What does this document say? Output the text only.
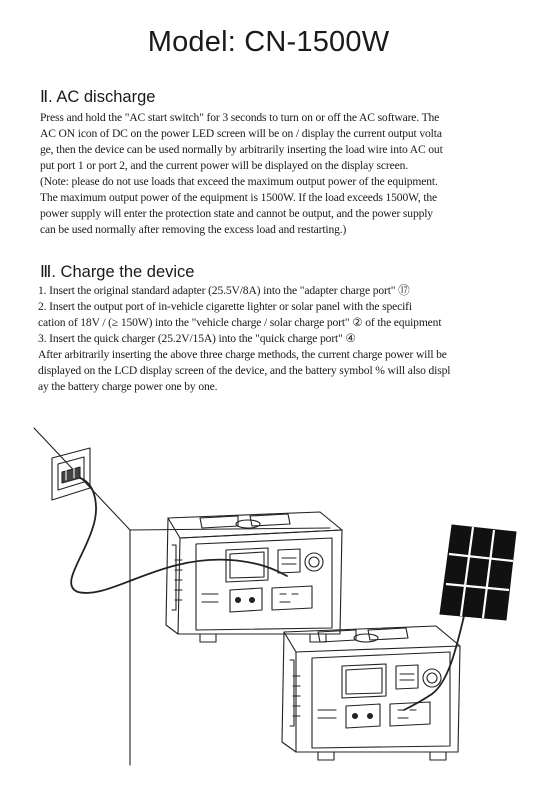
Model: CN-1500W
Ⅱ. AC discharge
Press and hold the "AC start switch" for 3 seconds to turn on or off the AC software. The
AC ON icon of DC on the power LED screen will be on / display the current output volta
ge, then the device can be used normally by arbitrarily inserting the load wire into AC out
put port 1 or port 2, and the current power will be displayed on the display screen.
(Note: please do not use loads that exceed the maximum output power of the equipment.
The maximum output power of the equipment is 1500W. If the load exceeds 1500W, the
power supply will enter the protection state and cannot be output, and the power supply
can be used normally after removing the excess load and restarting.)
Ⅲ. Charge the device
1. Insert the original standard adapter (25.5V/8A) into the "adapter charge port" ⑰
2. Insert the output port of in-vehicle cigarette lighter or solar panel with the specifi
cation of 18V / (≥ 150W) into the "vehicle charge / solar charge port" ② of the equipment
3. Insert the quick charger (25.2V/15A) into the "quick charge port" ④
After arbitrarily inserting the above three charge methods, the current charge power will be
displayed on the LCD display screen of the device, and the battery symbol % will also displ
ay the battery charge power one by one.
